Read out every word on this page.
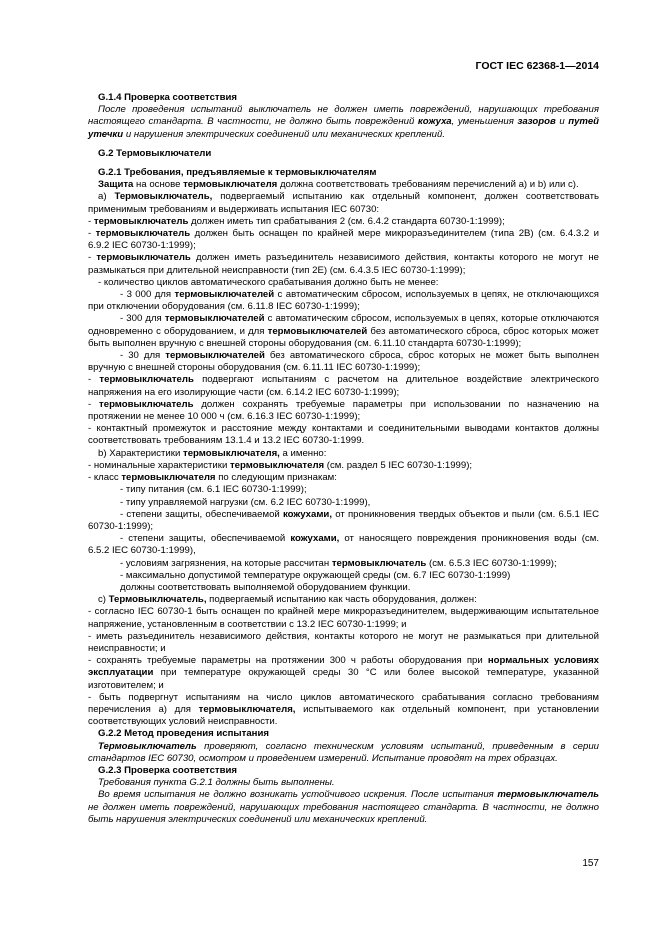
ГОСТ IEC 62368-1—2014

G.1.4 Проверка соответствия

После проведения испытаний выключатель не должен иметь повреждений, нарушающих требования настоящего стандарта. В частности, не должно быть повреждений кожуха, уменьшения зазоров и путей утечки и нарушения электрических соединений или механических креплений.

G.2 Термовыключатели

G.2.1 Требования, предъявляемые к термовыключателям

Защита на основе термовыключателя должна соответствовать требованиям перечислений a) и b) или c).

a) Термовыключатель, подвергаемый испытанию как отдельный компонент, должен соответствовать применимым требованиям и выдерживать испытания IEC 60730:

- термовыключатель должен иметь тип срабатывания 2 (см. 6.4.2 стандарта 60730-1:1999);

- термовыключатель должен быть оснащен по крайней мере микроразъединителем (типа 2В) (см. 6.4.3.2 и 6.9.2 IEC 60730-1:1999);

- термовыключатель должен иметь разъединитель независимого действия, контакты которого не могут не размыкаться при длительной неисправности (тип 2Е) (см. 6.4.3.5 IEC 60730-1:1999);

- количество циклов автоматического срабатывания должно быть не менее:

- 3 000 для термовыключателей с автоматическим сбросом, используемых в цепях, не отключающихся при отключении оборудования (см. 6.11.8 IEC 60730-1:1999);

- 300 для термовыключателей с автоматическим сбросом, используемых в цепях, которые отключаются одновременно с оборудованием, и для термовыключателей без автоматического сброса, сброс которых может быть выполнен вручную с внешней стороны оборудования (см. 6.11.10 стандарта 60730-1:1999);

- 30 для термовыключателей без автоматического сброса, сброс которых не может быть выполнен вручную с внешней стороны оборудования (см. 6.11.11 IEC 60730-1:1999);

- термовыключатель подвергают испытаниям с расчетом на длительное воздействие электрического напряжения на его изолирующие части (см. 6.14.2 IEC 60730-1:1999);

- термовыключатель должен сохранять требуемые параметры при использовании по назначению на протяжении не менее 10 000 ч (см. 6.16.3 IEC 60730-1:1999);

- контактный промежуток и расстояние между контактами и соединительными выводами контактов должны соответствовать требованиям 13.1.4 и 13.2 IEC 60730-1:1999.

b) Характеристики термовыключателя, а именно:

- номинальные характеристики термовыключателя (см. раздел 5 IEC 60730-1:1999);

- класс термовыключателя по следующим признакам:

- типу питания (см. 6.1 IEC 60730-1:1999);

- типу управляемой нагрузки (см. 6.2 IEC 60730-1:1999),

- степени защиты, обеспечиваемой кожухами, от проникновения твердых объектов и пыли (см. 6.5.1 IEC 60730-1:1999);

- степени защиты, обеспечиваемой кожухами, от наносящего повреждения проникновения воды (см. 6.5.2 IEC 60730-1:1999),

- условиям загрязнения, на которые рассчитан термовыключатель (см. 6.5.3 IEC 60730-1:1999);

- максимально допустимой температуре окружающей среды (см. 6.7 IEC 60730-1:1999)

должны соответствовать выполняемой оборудованием функции.

c) Термовыключатель, подвергаемый испытанию как часть оборудования, должен:

- согласно IEC 60730-1 быть оснащен по крайней мере микроразъединителем, выдерживающим испытательное напряжение, установленным в соответствии с 13.2 IEC 60730-1:1999; и

- иметь разъединитель независимого действия, контакты которого не могут не размыкаться при длительной неисправности; и

- сохранять требуемые параметры на протяжении 300 ч работы оборудования при нормальных условиях эксплуатации при температуре окружающей среды 30 °C или более высокой температуре, указанной изготовителем; и

- быть подвергнут испытаниям на число циклов автоматического срабатывания согласно требованиям перечисления a) для термовыключателя, испытываемого как отдельный компонент, при установлении соответствующих условий неисправности.

G.2.2 Метод проведения испытания

Термовыключатель проверяют, согласно техническим условиям испытаний, приведенным в серии стандартов IEC 60730, осмотром и проведением измерений. Испытание проводят на трех образцах.

G.2.3 Проверка соответствия

Требования пункта G.2.1 должны быть выполнены.

Во время испытания не должно возникать устойчивого искрения. После испытания термовыключатель не должен иметь повреждений, нарушающих требования настоящего стандарта. В частности, не должно быть нарушения электрических соединений или механических креплений.

157
